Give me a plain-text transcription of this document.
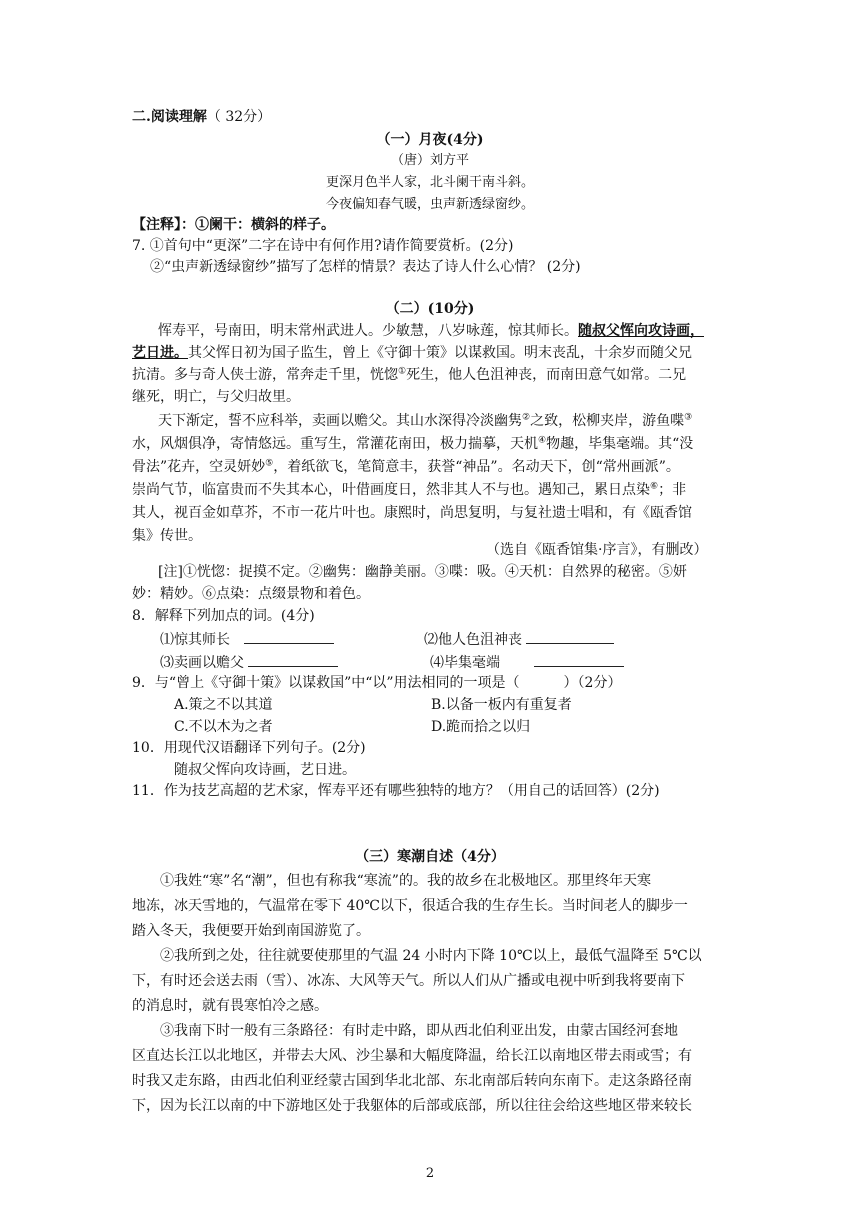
二.阅读理解（ 32分）
（一）月夜(4分)
（唐）刘方平
更深月色半人家，北斗阑干南斗斜。
今夜偏知春气暖，虫声新透绿窗纱。
【注释】：①阑干：横斜的样子。
7. ①首句中“更深”二字在诗中有何作用?请作简要赏析。(2分)
②“虫声新透绿窗纱”描写了怎样的情景？表达了诗人什么心情？ (2分)
（二）(10分)
恽寿平，号南田，明末常州武进人。少敏慧，八岁咏莲，惊其师长。随叔父恽向攻诗画，
艺日进。其父恽日初为国子监生，曾上《守御十策》以谋救国。明末丧乱，十余岁而随父兄
抗清。多与奇人侠士游，常奔走千里，恍惚①死生，他人色沮神丧，而南田意气如常。二兄
继死，明亡，与父归故里。
天下渐定，誓不应科举，卖画以赡父。其山水深得冷淡幽隽②之致，松柳夹岸，游鱼喋③
水，风烟俱净，寄情悠远。重写生，常灌花南田，极力揣摹，天机④物趣，毕集毫端。其“没
骨法”花卉，空灵妍妙⑤，着纸欲飞，笔简意丰，获誉“神品”。名动天下，创“常州画派”。
崇尚气节，临富贵而不失其本心，叶借画度日，然非其人不与也。遇知己，累日点染⑥；非
其人，视百金如草芥，不市一花片叶也。康熙时，尚思复明，与复社遗士唱和，有《瓯香馆
集》传世。
（选自《瓯香馆集·序言》，有删改）
[注]①恍惚：捉摸不定。②幽隽：幽静美丽。③喋：吸。④天机：自然界的秘密。⑤妍
妙：精妙。⑥点染：点缀景物和着色。
8．解释下列加点的词。(4分)
⑴惊其师长	⑵他人色沮神丧
⑶卖画以赡父	⑷毕集毫端
9．与“曾上《守御十策》以谋救国”中“以”用法相同的一项是（	）（2分）
A.策之不以其道	B.以备一板内有重复者
C.不以木为之者	D.跪而拾之以归
10．用现代汉语翻译下列句子。(2分)
随叔父恽向攻诗画，艺日进。
11．作为技艺高超的艺术家，恽寿平还有哪些独特的地方？（用自己的话回答）(2分)
（三）寒潮自述（4分）
①我姓“寒”名“潮”，但也有称我“寒流”的。我的故乡在北极地区。那里终年天寒
地冻，冰天雪地的，气温常在零下 40℃以下，很适合我的生存生长。当时间老人的脚步一
踏入冬天，我便要开始到南国游览了。
②我所到之处，往往就要使那里的气温 24 小时内下降 10℃以上，最低气温降至 5℃以
下，有时还会送去雨（雪）、冰冻、大风等天气。所以人们从广播或电视中听到我将要南下
的消息时，就有畏寒怕冷之感。
③我南下时一般有三条路径：有时走中路，即从西北伯利亚出发，由蒙古国经河套地
区直达长江以北地区，并带去大风、沙尘暴和大幅度降温，给长江以南地区带去雨或雪；有
时我又走东路，由西北伯利亚经蒙古国到华北北部、东北南部后转向东南下。走这条路径南
下，因为长江以南的中下游地区处于我躯体的后部或底部，所以往往会给这些地区带来较长
2
